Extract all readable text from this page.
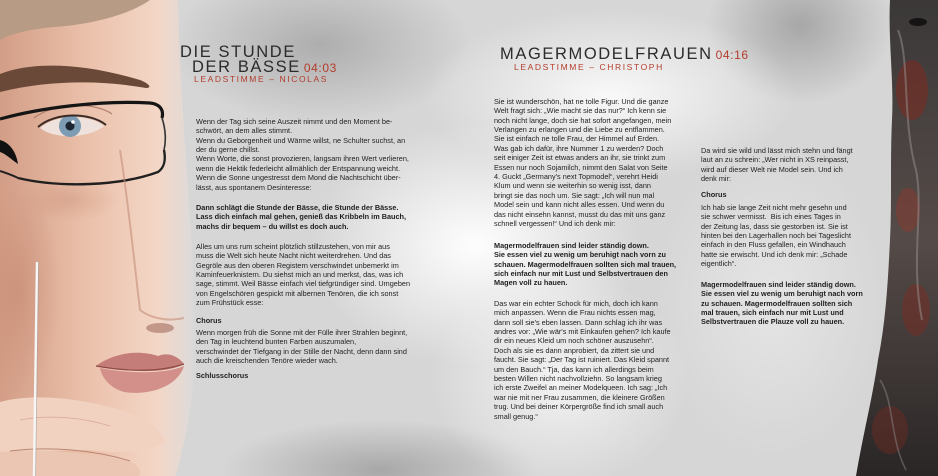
DIE STUNDE
DER BÄSSE 04:03
LEADSTIMME – NICOLAS

Wenn der Tag sich seine Auszeit nimmt und den Moment be-
schwört, an dem alles stimmt.
Wenn du Geborgenheit und Wärme willst, ne Schulter suchst, an
der du gerne chillst.
Wenn Worte, die sonst provozieren, langsam ihren Wert verlieren,
wenn die Hektik federleicht allmählich der Entspannung weicht.
Wenn die Sonne ungestresst dem Mond die Nachtschicht über-
lässt, aus spontanem Desinteresse:

Dann schlägt die Stunde der Bässe, die Stunde der Bässe.
Lass dich einfach mal gehen, genieß das Kribbeln im Bauch,
machs dir bequem – du willst es doch auch.

Alles um uns rum scheint plötzlich stillzustehen, von mir aus
muss die Welt sich heute Nacht nicht weiterdrehen. Und das
Gegröle aus den oberen Registern verschwindet unbemerkt im
Kaminfeuerknistern. Du siehst mich an und merkst, das, was ich
sage, stimmt. Weil Bässe einfach viel tiefgründiger sind. Umgeben
von Engelschören gespickt mit albernen Tenören, die ich sonst
zum Frühstück esse:

Chorus

Wenn morgen früh die Sonne mit der Fülle ihrer Strahlen beginnt,
den Tag in leuchtend bunten Farben auszumalen,
verschwindet der Tiefgang in der Stille der Nacht, denn dann sind
auch die kreischenden Tenöre wieder wach.

Schlusschorus

MAGERMODELFRAUEN 04:16
LEADSTIMME – CHRISTOPH

Sie ist wunderschön, hat ne tolle Figur. Und die ganze
Welt fragt sich: „Wie macht sie das nur?“ Ich kenn sie
noch nicht lange, doch sie hat sofort angefangen, mein
Verlangen zu erlangen und die Liebe zu entflammen.
Sie ist einfach ne tolle Frau, der Himmel auf Erden.
Was gab ich dafür, ihre Nummer 1 zu werden? Doch
seit einiger Zeit ist etwas anders an ihr, sie trinkt zum
Essen nur noch Sojamilch, nimmt den Salat von Seite
4. Guckt „Germany's next Topmodel“, verehrt Heidi
Klum und wenn sie weiterhin so wenig isst, dann
bringt sie das noch um. Sie sagt: „Ich will nun mal
Model sein und kann nicht alles essen. Und wenn du
das nicht einsehn kannst, musst du das mit uns ganz
schnell vergessen!“ Und ich denk mir:

Magermodelfrauen sind leider ständig down.
Sie essen viel zu wenig um beruhigt nach vorn zu
schauen. Magermodelfrauen sollten sich mal trauen,
sich einfach nur mit Lust und Selbstvertrauen den
Magen voll zu hauen.

Das war ein echter Schock für mich, doch ich kann
mich anpassen. Wenn die Frau nichts essen mag,
dann soll sie's eben lassen. Dann schlag ich ihr was
andres vor: „Wie wär's mit Einkaufen gehen? Ich kaufe
dir ein neues Kleid um noch schöner auszusehn“.
Doch als sie es dann anprobiert, da zittert sie und
faucht. Sie sagt: „Der Tag ist ruiniert. Das Kleid spannt
um den Bauch.“ Tja, das kann ich allerdings beim
besten Willen nicht nachvollziehn. So langsam krieg
ich erste Zweifel an meiner Modelqueen. Ich sag: „Ich
war nie mit ner Frau zusammen, die kleinere Größen
trug. Und bei deiner Körpergröße find ich small auch
small genug.“

Da wird sie wild und lässt mich stehn und fängt
laut an zu schrein: „Wer nicht in XS reinpasst,
wird auf dieser Welt nie Model sein. Und ich
denk mir:

Chorus

Ich hab sie lange Zeit nicht mehr gesehn und
sie schwer vermisst.  Bis ich eines Tages in
der Zeitung las, dass sie gestorben ist. Sie ist
hinten bei den Lagerhallen noch bei Tageslicht
einfach in den Fluss gefallen, ein Windhauch
hatte sie erwischt. Und ich denk mir: „Schade
eigentlich“.

Magermodelfrauen sind leider ständig down.
Sie essen viel zu wenig um beruhigt nach vorn
zu schauen. Magermodelfrauen sollten sich
mal trauen, sich einfach nur mit Lust und
Selbstvertrauen die Plauze voll zu hauen.
